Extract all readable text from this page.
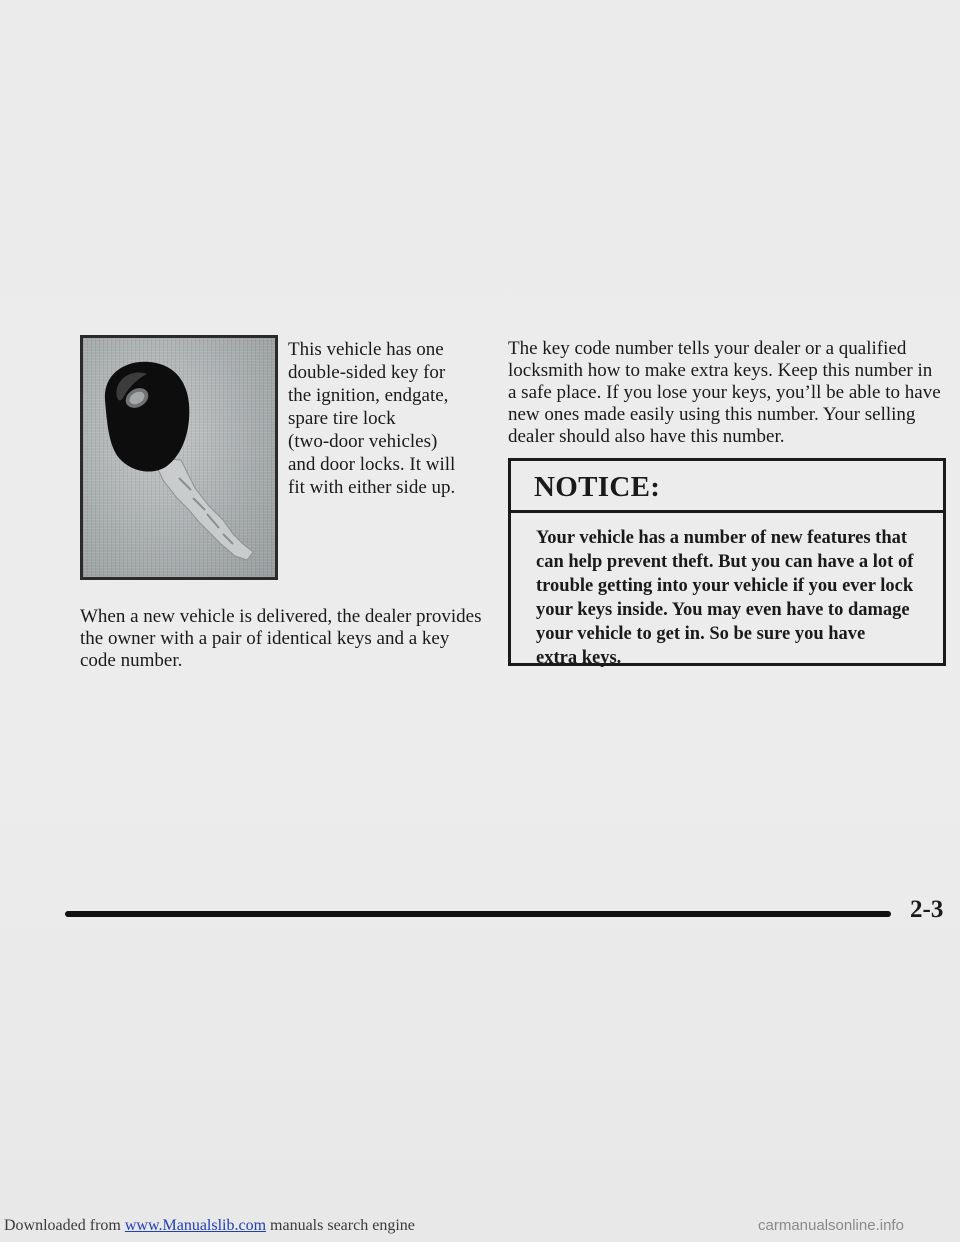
This vehicle has one
double-sided key for
the ignition, endgate,
spare tire lock
(two-door vehicles)
and door locks. It will
fit with either side up.

When a new vehicle is delivered, the dealer provides
the owner with a pair of identical keys and a key
code number.

The key code number tells your dealer or a qualified
locksmith how to make extra keys. Keep this number in
a safe place. If you lose your keys, you’ll be able to have
new ones made easily using this number. Your selling
dealer should also have this number.

NOTICE:

Your vehicle has a number of new features that
can help prevent theft. But you can have a lot of
trouble getting into your vehicle if you ever lock
your keys inside. You may even have to damage
your vehicle to get in. So be sure you have
extra keys.

2-3

Downloaded from www.Manualslib.com manuals search engine	carmanualsonline.info
